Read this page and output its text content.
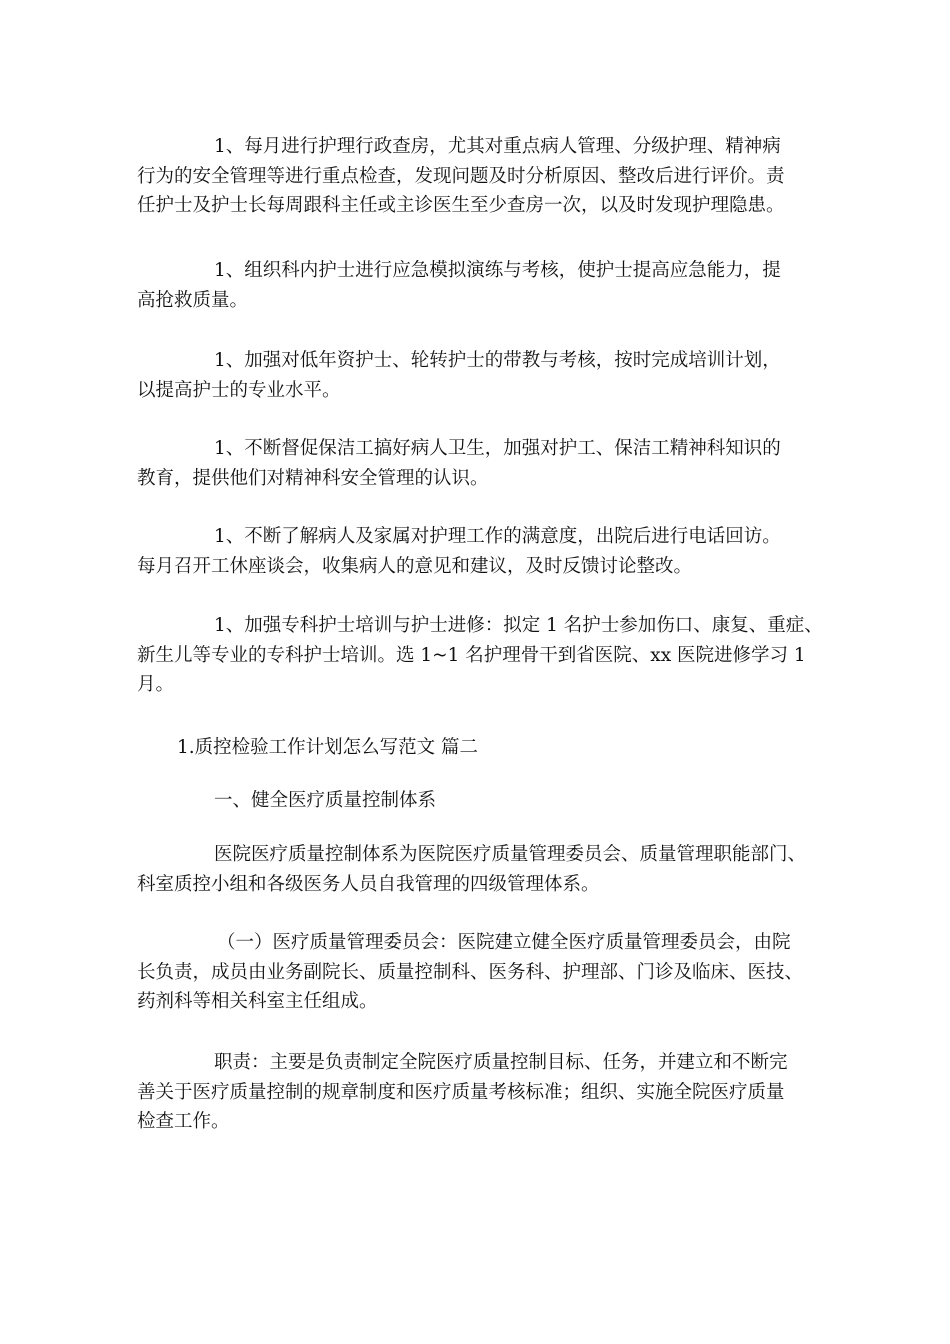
1、每月进行护理行政查房，尤其对重点病人管理、分级护理、精神病
行为的安全管理等进行重点检查，发现问题及时分析原因、整改后进行评价。责
任护士及护士长每周跟科主任或主诊医生至少查房一次，以及时发现护理隐患。
1、组织科内护士进行应急模拟演练与考核，使护士提高应急能力，提
高抢救质量。
1、加强对低年资护士、轮转护士的带教与考核，按时完成培训计划，
以提高护士的专业水平。
1、不断督促保洁工搞好病人卫生，加强对护工、保洁工精神科知识的
教育，提供他们对精神科安全管理的认识。
1、不断了解病人及家属对护理工作的满意度，出院后进行电话回访。
每月召开工休座谈会，收集病人的意见和建议，及时反馈讨论整改。
1、加强专科护士培训与护士进修：拟定 1 名护士参加伤口、康复、重症、
新生儿等专业的专科护士培训。选 1~1 名护理骨干到省医院、xx 医院进修学习 1
月。
1.质控检验工作计划怎么写范文 篇二
一、健全医疗质量控制体系
医院医疗质量控制体系为医院医疗质量管理委员会、质量管理职能部门、
科室质控小组和各级医务人员自我管理的四级管理体系。
（一）医疗质量管理委员会：医院建立健全医疗质量管理委员会，由院
长负责，成员由业务副院长、质量控制科、医务科、护理部、门诊及临床、医技、
药剂科等相关科室主任组成。
职责：主要是负责制定全院医疗质量控制目标、任务，并建立和不断完
善关于医疗质量控制的规章制度和医疗质量考核标准；组织、实施全院医疗质量
检查工作。
